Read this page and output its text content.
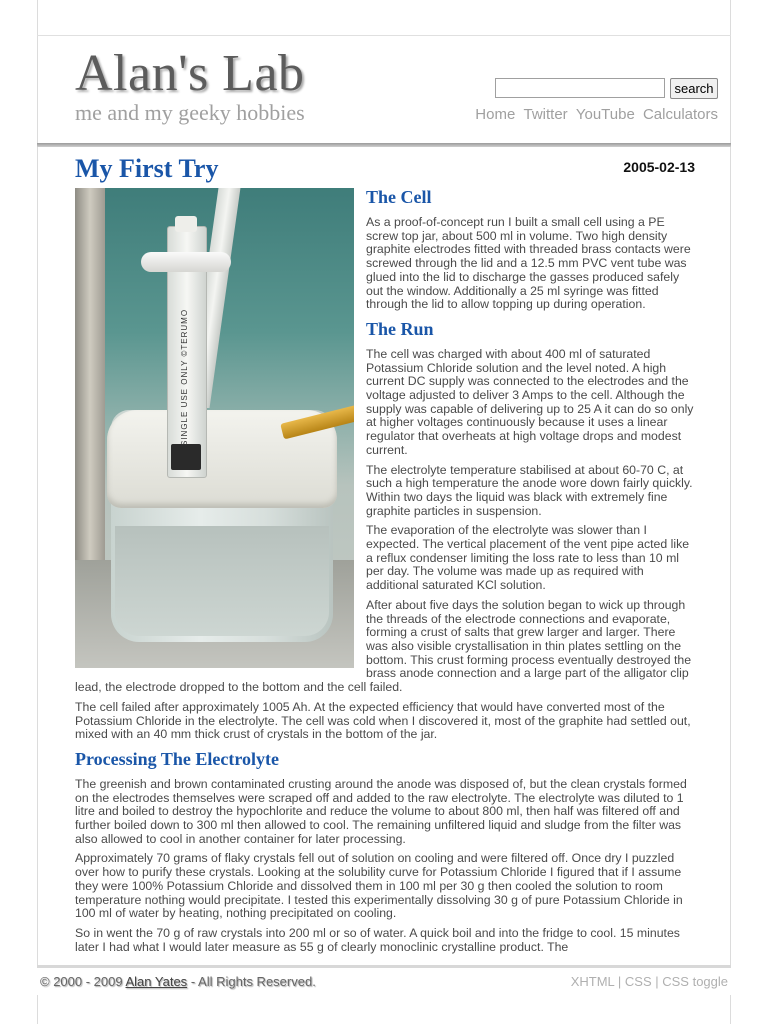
Alan's Lab
me and my geeky hobbies
search
Home Twitter YouTube Calculators
My First Try	2005-02-13
SINGLE USE ONLY ©TERUMO
The Cell

As a proof-of-concept run I built a small cell using a PE screw top jar, about 500 ml in volume. Two high density graphite electrodes fitted with threaded brass contacts were screwed through the lid and a 12.5 mm PVC vent tube was glued into the lid to discharge the gasses produced safely out the window. Additionally a 25 ml syringe was fitted through the lid to allow topping up during operation.

The Run

The cell was charged with about 400 ml of saturated Potassium Chloride solution and the level noted. A high current DC supply was connected to the electrodes and the voltage adjusted to deliver 3 Amps to the cell. Although the supply was capable of delivering up to 25 A it can do so only at higher voltages continuously because it uses a linear regulator that overheats at high voltage drops and modest current.

The electrolyte temperature stabilised at about 60-70 C, at such a high temperature the anode wore down fairly quickly. Within two days the liquid was black with extremely fine graphite particles in suspension.

The evaporation of the electrolyte was slower than I expected. The vertical placement of the vent pipe acted like a reflux condenser limiting the loss rate to less than 10 ml per day. The volume was made up as required with additional saturated KCl solution.

After about five days the solution began to wick up through the threads of the electrode connections and evaporate, forming a crust of salts that grew larger and larger. There was also visible crystallisation in thin plates settling on the bottom. This crust forming process eventually destroyed the brass anode connection and a large part of the alligator clip lead, the electrode dropped to the bottom and the cell failed.

The cell failed after approximately 1005 Ah. At the expected efficiency that would have converted most of the Potassium Chloride in the electrolyte. The cell was cold when I discovered it, most of the graphite had settled out, mixed with an 40 mm thick crust of crystals in the bottom of the jar.

Processing The Electrolyte

The greenish and brown contaminated crusting around the anode was disposed of, but the clean crystals formed on the electrodes themselves were scraped off and added to the raw electrolyte. The electrolyte was diluted to 1 litre and boiled to destroy the hypochlorite and reduce the volume to about 800 ml, then half was filtered off and further boiled down to 300 ml then allowed to cool. The remaining unfiltered liquid and sludge from the filter was also allowed to cool in another container for later processing.

Approximately 70 grams of flaky crystals fell out of solution on cooling and were filtered off. Once dry I puzzled over how to purify these crystals. Looking at the solubility curve for Potassium Chloride I figured that if I assume they were 100% Potassium Chloride and dissolved them in 100 ml per 30 g then cooled the solution to room temperature nothing would precipitate. I tested this experimentally dissolving 30 g of pure Potassium Chloride in 100 ml of water by heating, nothing precipitated on cooling.

So in went the 70 g of raw crystals into 200 ml or so of water. A quick boil and into the fridge to cool. 15 minutes later I had what I would later measure as 55 g of clearly monoclinic crystalline product. The

© 2000 - 2009 Alan Yates - All Rights Reserved.	XHTML | CSS | CSS toggle
